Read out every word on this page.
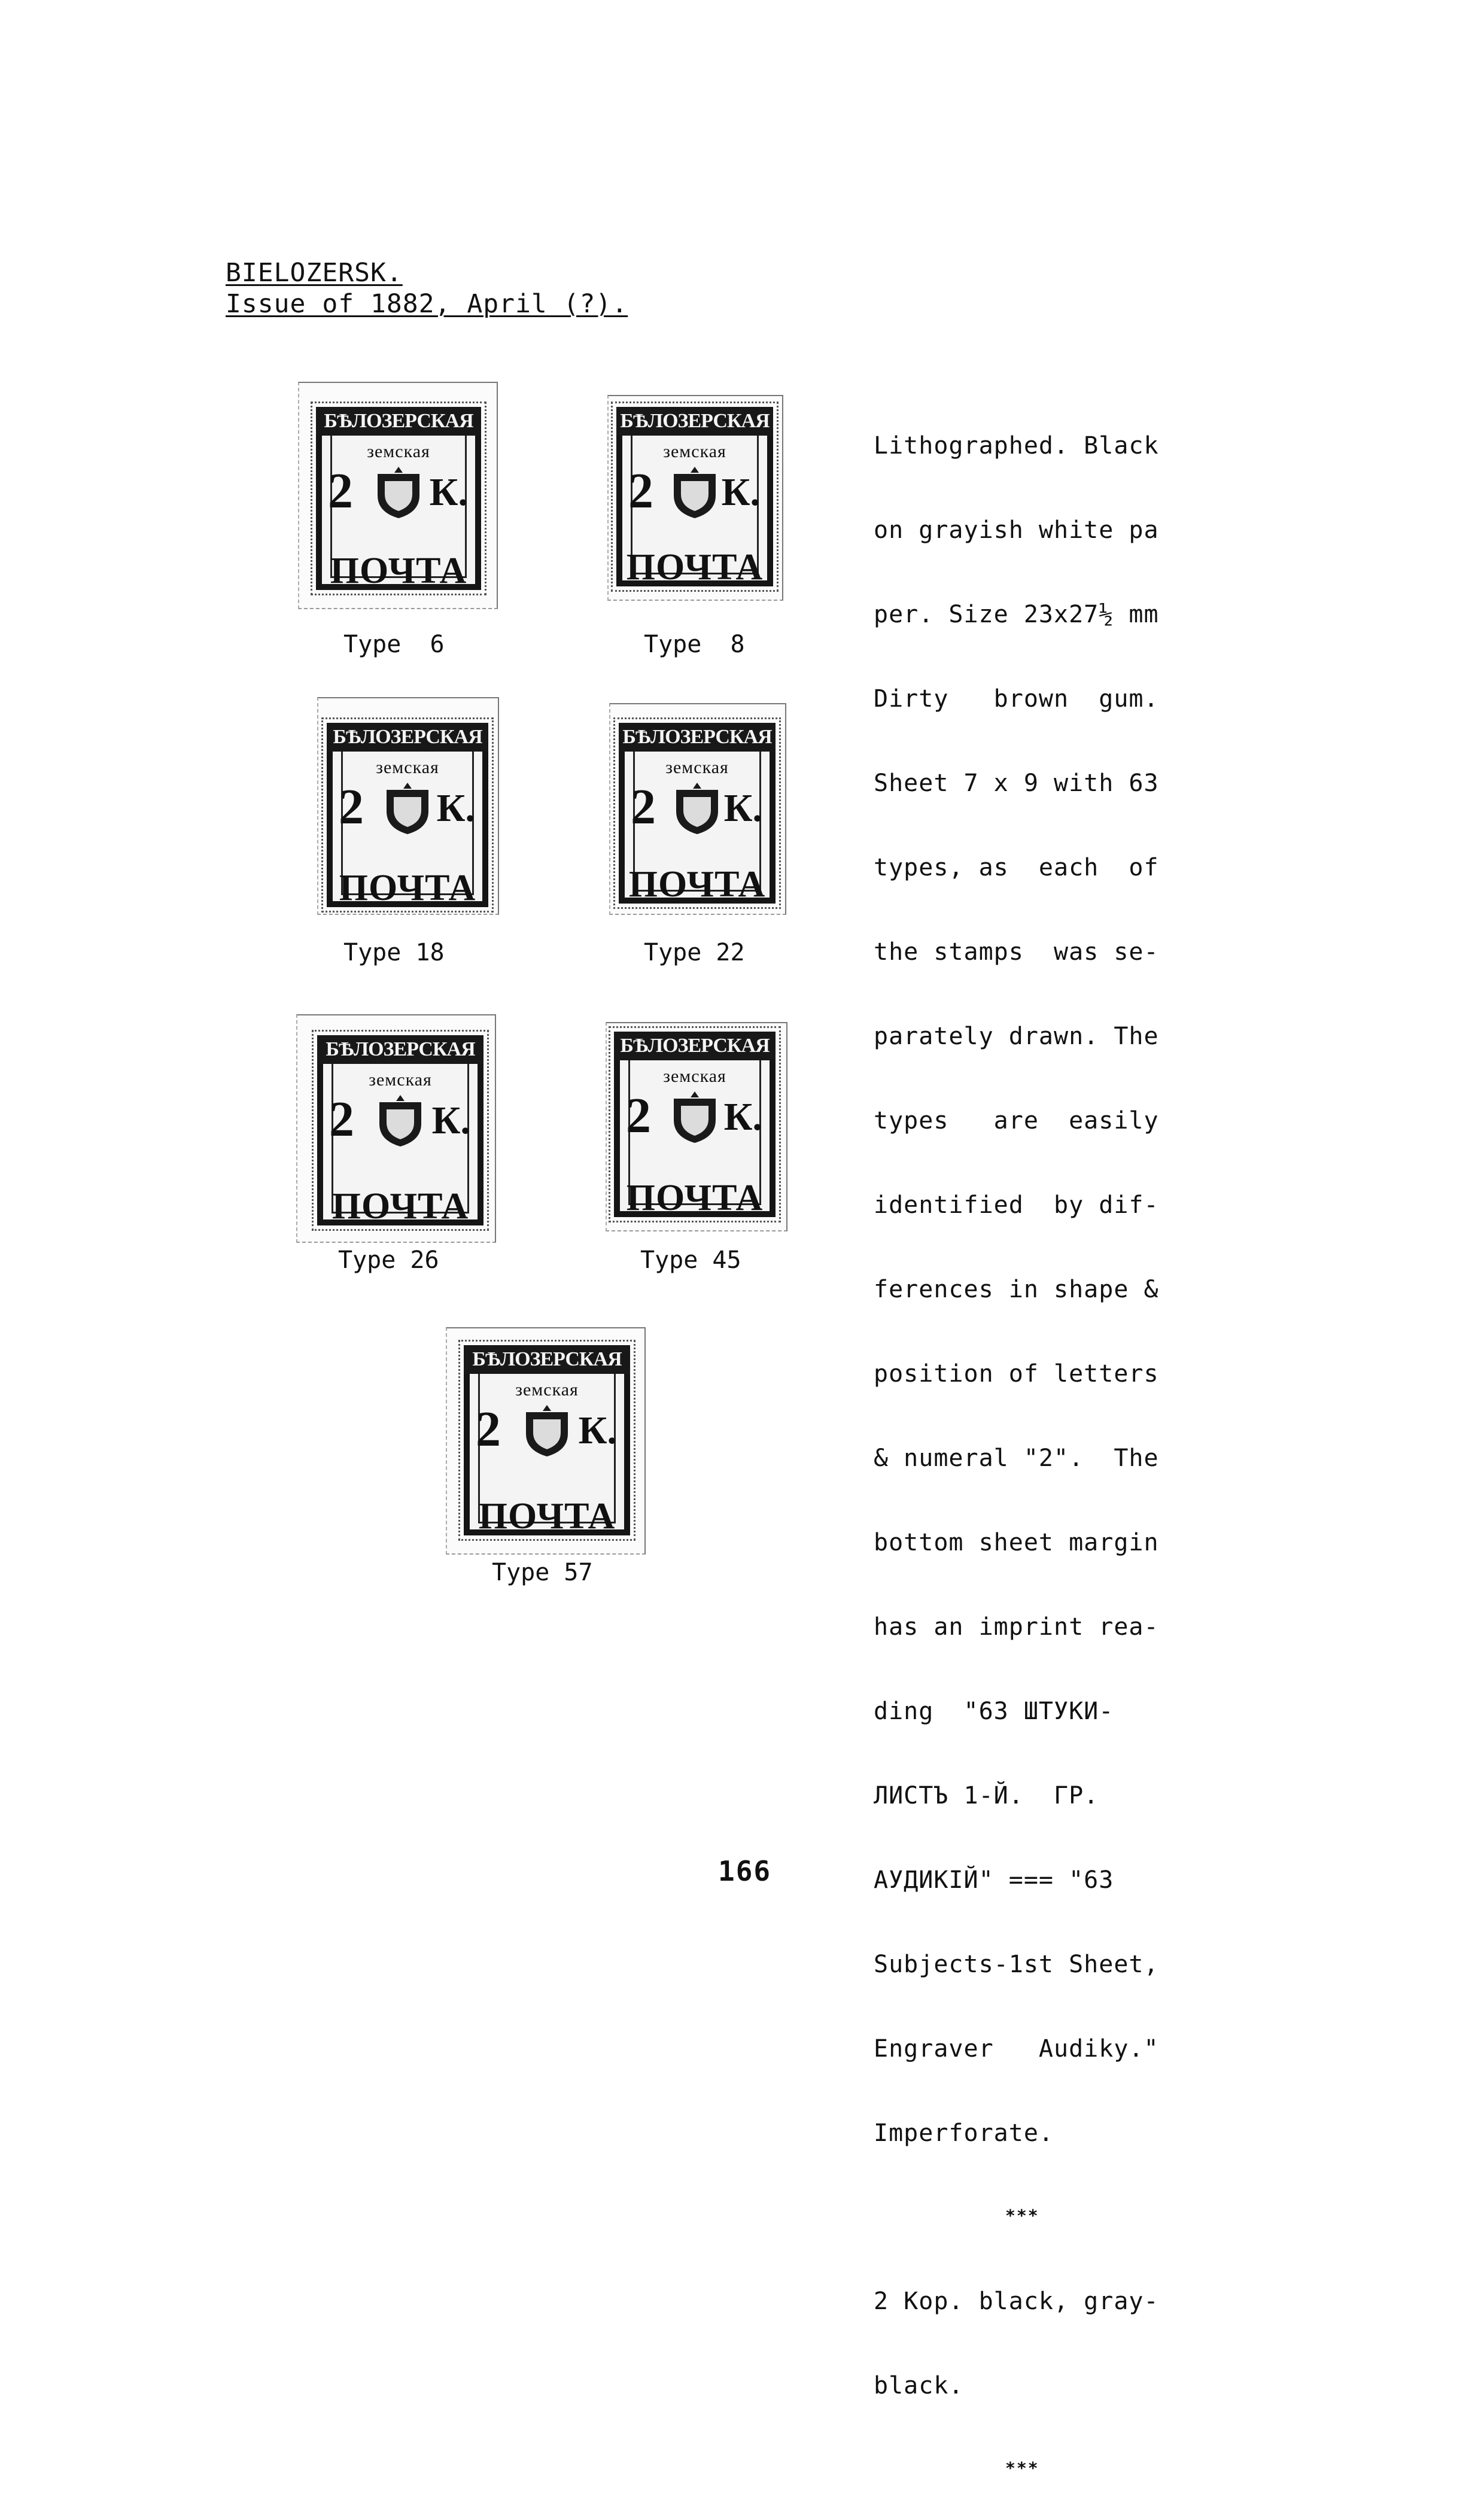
BIELOZERSK.
Issue of 1882, April (?).
БѢЛОЗЕРСКАЯ
земская
2 К.
ПОЧТА
Type  6
БѢЛОЗЕРСКАЯ
земская
2 К.
ПОЧТА
Type  8
БѢЛОЗЕРСКАЯ
земская
2 К.
ПОЧТА
Type 18
БѢЛОЗЕРСКАЯ
земская
2 К.
ПОЧТА
Type 22
БѢЛОЗЕРСКАЯ
земская
2 К.
ПОЧТА
Type 26
БѢЛОЗЕРСКАЯ
земская
2 К.
ПОЧТА
Type 45
БѢЛОЗЕРСКАЯ
земская
2 К.
ПОЧТА
Type 57

Lithographed. Black

on grayish white pa

per. Size 23x27½ mm

Dirty   brown  gum.

Sheet 7 x 9 with 63

types, as  each  of

the stamps  was se-

parately drawn. The

types   are  easily

identified  by dif-

ferences in shape &

position of letters

& numeral "2".  The

bottom sheet margin

has an imprint rea-

ding  "63 ШТУКИ-

ЛИСТЪ 1-Й.  ГР.

АУДИКIЙ" === "63

Subjects-1st Sheet,

Engraver   Audiky."

Imperforate.

***

2 Kop. black, gray-

black.

***

166
